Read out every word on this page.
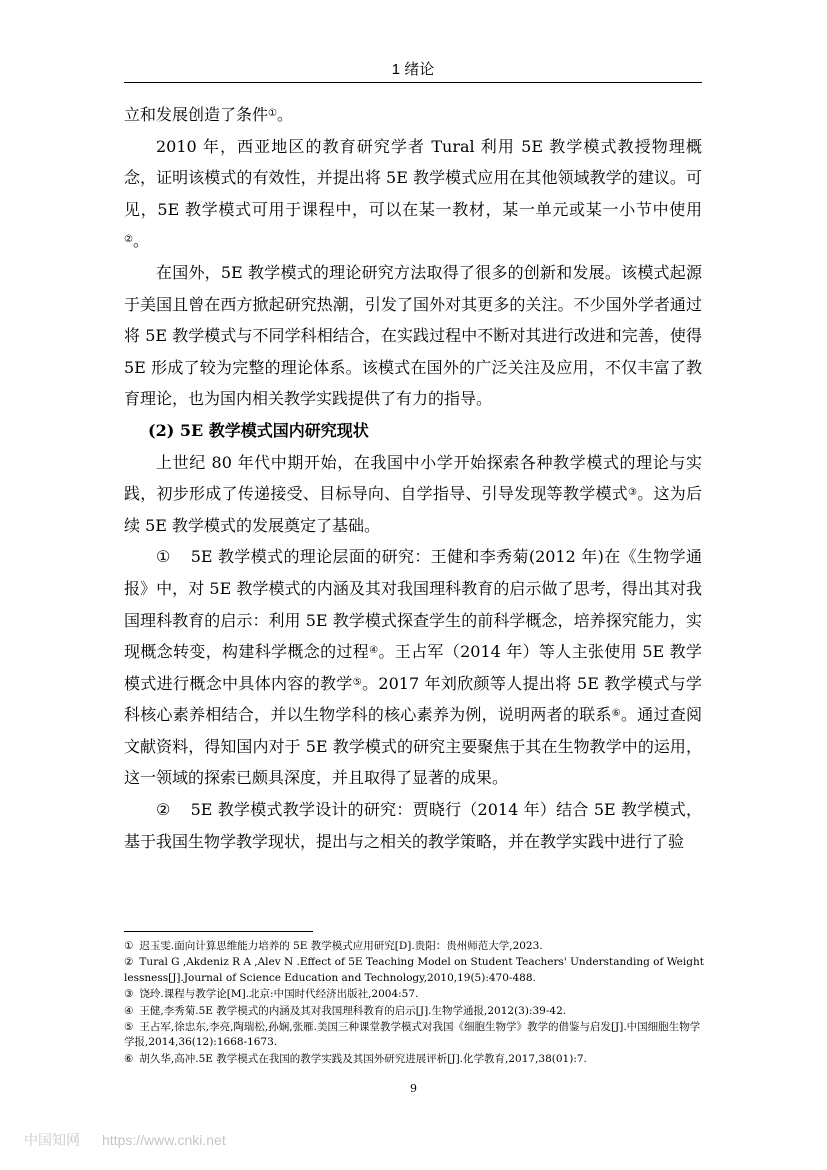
1 绪论

立和发展创造了条件①。

2010 年，西亚地区的教育研究学者 Tural 利用 5E 教学模式教授物理概念，证明该模式的有效性，并提出将 5E 教学模式应用在其他领域教学的建议。可见，5E 教学模式可用于课程中，可以在某一教材，某一单元或某一小节中使用②。

在国外，5E 教学模式的理论研究方法取得了很多的创新和发展。该模式起源于美国且曾在西方掀起研究热潮，引发了国外对其更多的关注。不少国外学者通过将 5E 教学模式与不同学科相结合，在实践过程中不断对其进行改进和完善，使得 5E 形成了较为完整的理论体系。该模式在国外的广泛关注及应用，不仅丰富了教育理论，也为国内相关教学实践提供了有力的指导。

(2) 5E 教学模式国内研究现状

上世纪 80 年代中期开始，在我国中小学开始探索各种教学模式的理论与实践，初步形成了传递接受、目标导向、自学指导、引导发现等教学模式③。这为后续 5E 教学模式的发展奠定了基础。

① 5E 教学模式的理论层面的研究：王健和李秀菊(2012 年)在《生物学通报》中，对 5E 教学模式的内涵及其对我国理科教育的启示做了思考，得出其对我国理科教育的启示：利用 5E 教学模式探查学生的前科学概念，培养探究能力，实现概念转变，构建科学概念的过程④。王占军（2014 年）等人主张使用 5E 教学模式进行概念中具体内容的教学⑤。2017 年刘欣颜等人提出将 5E 教学模式与学科核心素养相结合，并以生物学科的核心素养为例，说明两者的联系⑥。通过查阅文献资料，得知国内对于 5E 教学模式的研究主要聚焦于其在生物教学中的运用，这一领域的探索已颇具深度，并且取得了显著的成果。

② 5E 教学模式教学设计的研究：贾晓行（2014 年）结合 5E 教学模式，基于我国生物学教学现状，提出与之相关的教学策略，并在教学实践中进行了验

① 迟玉雯.面向计算思维能力培养的 5E 教学模式应用研究[D].贵阳：贵州师范大学,2023.

② Tural G ,Akdeniz R A ,Alev N .Effect of 5E Teaching Model on Student Teachers' Understanding of Weightlessness[J].Journal of Science Education and Technology,2010,19(5):470-488.

③ 饶玲.课程与教学论[M].北京:中国时代经济出版社,2004:57.

④ 王健,李秀菊.5E 教学模式的内涵及其对我国理科教育的启示[J].生物学通报,2012(3):39-42.

⑤ 王占军,徐忠东,李亮,陶瑞松,孙娴,张雁.美国三种课堂教学模式对我国《细胞生物学》教学的借鉴与启发[J].中国细胞生物学学报,2014,36(12):1668-1673.

⑥ 胡久华,高冲.5E 教学模式在我国的教学实践及其国外研究进展评析[J].化学教育,2017,38(01):7.

9
中国知网 https://www.cnki.net
